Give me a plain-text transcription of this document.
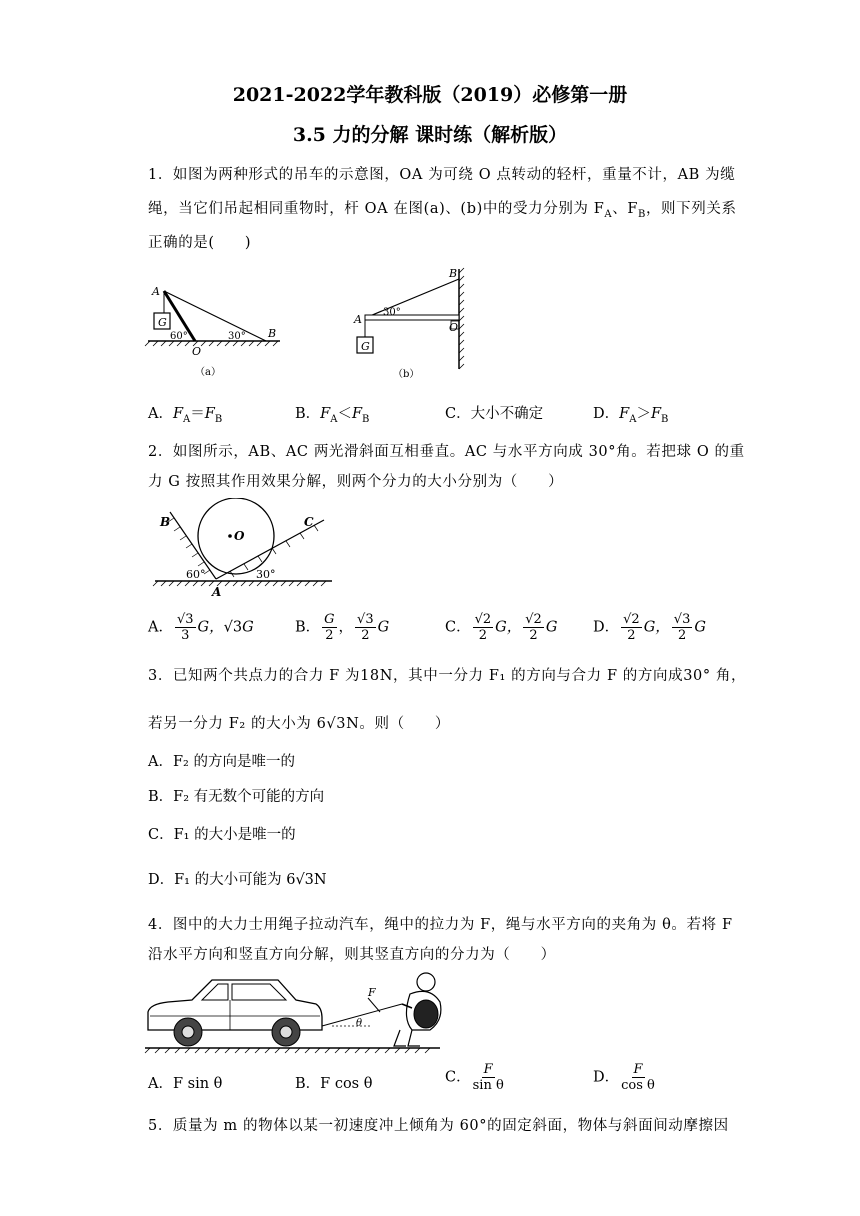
2021-2022学年教科版（2019）必修第一册
3.5 力的分解 课时练（解析版）
1．如图为两种形式的吊车的示意图，OA 为可绕 O 点转动的轻杆，重量不计，AB 为缆
绳，当它们吊起相同重物时，杆 OA 在图(a)、(b)中的受力分别为 $F_A$、$F_B$，则下列关系
正确的是(　　)
G
A
B
O
60°	30°
（a）
G
A
B
O
30°
（b）
A．$F_A=F_B$	B．$F_A<F_B$	C．大小不确定	D．$F_A>F_B$
2．如图所示，AB、AC 两光滑斜面互相垂直。AC 与水平方向成 30°角。若把球 O 的重
力 G 按照其作用效果分解，则两个分力的大小分别为（　　）
O
B	C
A
60°	30°
A． $\frac{√3}{3}$ G，√3G	B． $\frac{G}{2}$ ， $\frac{√3}{2}$ G	C． $\frac{√2}{2}$ G， $\frac{√2}{2}$ G D． $\frac{√2}{2}$ G， $\frac{√3}{2}$ G
3．已知两个共点力的合力 F 为18N，其中一分力 F₁ 的方向与合力 F 的方向成30° 角，
若另一分力 F₂ 的大小为 6√3N。则（　　）
A．F₂ 的方向是唯一的
B．F₂ 有无数个可能的方向
C．F₁ 的大小是唯一的
D．F₁ 的大小可能为 6√3N
4．图中的大力士用绳子拉动汽车，绳中的拉力为 F，绳与水平方向的夹角为 θ。若将 F
沿水平方向和竖直方向分解，则其竖直方向的分力为（　　）
F
θ
A．F sin θ	B．F cos θ	C． $\frac{F}{\text{sin θ}}$	D． $\frac{F}{\text{cos θ}}$
5．质量为 m 的物体以某一初速度冲上倾角为 60°的固定斜面，物体与斜面间动摩擦因
